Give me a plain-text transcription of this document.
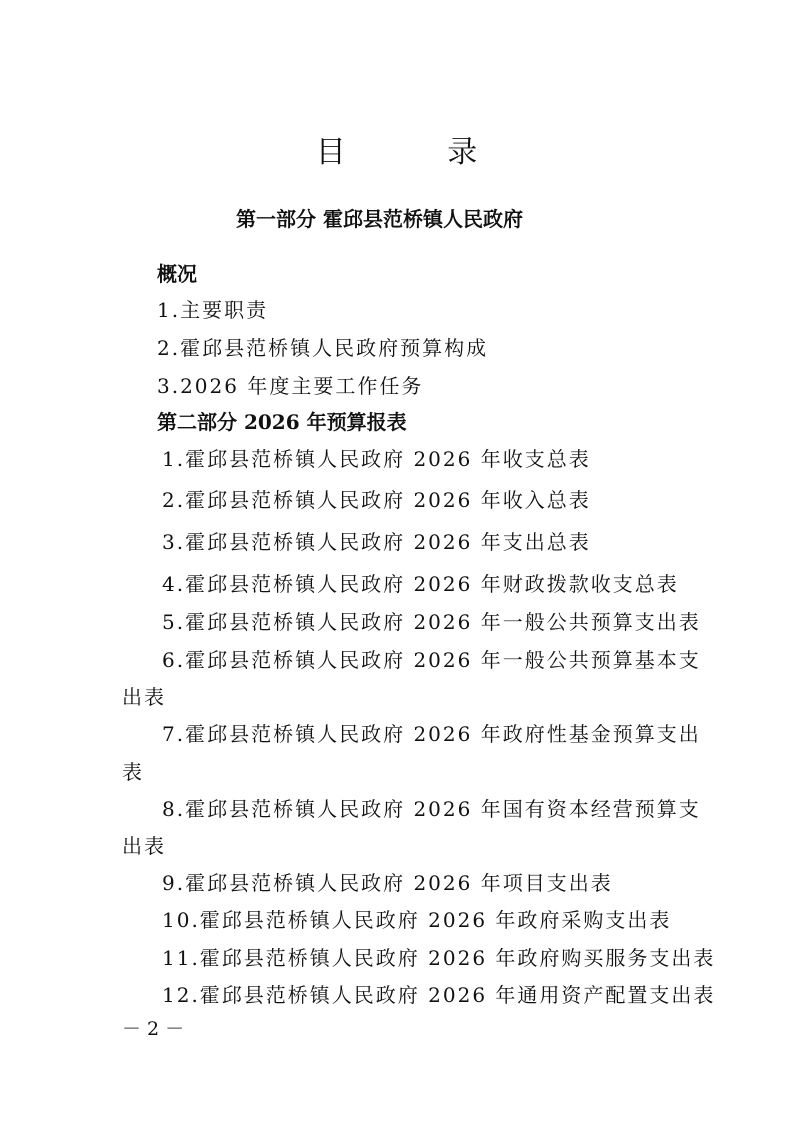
目 录
第一部分 霍邱县范桥镇人民政府
概况
1.主要职责
2.霍邱县范桥镇人民政府预算构成
3.2026 年度主要工作任务
第二部分 2026 年预算报表
1.霍邱县范桥镇人民政府 2026 年收支总表
2.霍邱县范桥镇人民政府 2026 年收入总表
3.霍邱县范桥镇人民政府 2026 年支出总表
4.霍邱县范桥镇人民政府 2026 年财政拨款收支总表
5.霍邱县范桥镇人民政府 2026 年一般公共预算支出表
6.霍邱县范桥镇人民政府 2026 年一般公共预算基本支
出表
7.霍邱县范桥镇人民政府 2026 年政府性基金预算支出
表
8.霍邱县范桥镇人民政府 2026 年国有资本经营预算支
出表
9.霍邱县范桥镇人民政府 2026 年项目支出表
10.霍邱县范桥镇人民政府 2026 年政府采购支出表
11.霍邱县范桥镇人民政府 2026 年政府购买服务支出表
12.霍邱县范桥镇人民政府 2026 年通用资产配置支出表
－ 2 －
